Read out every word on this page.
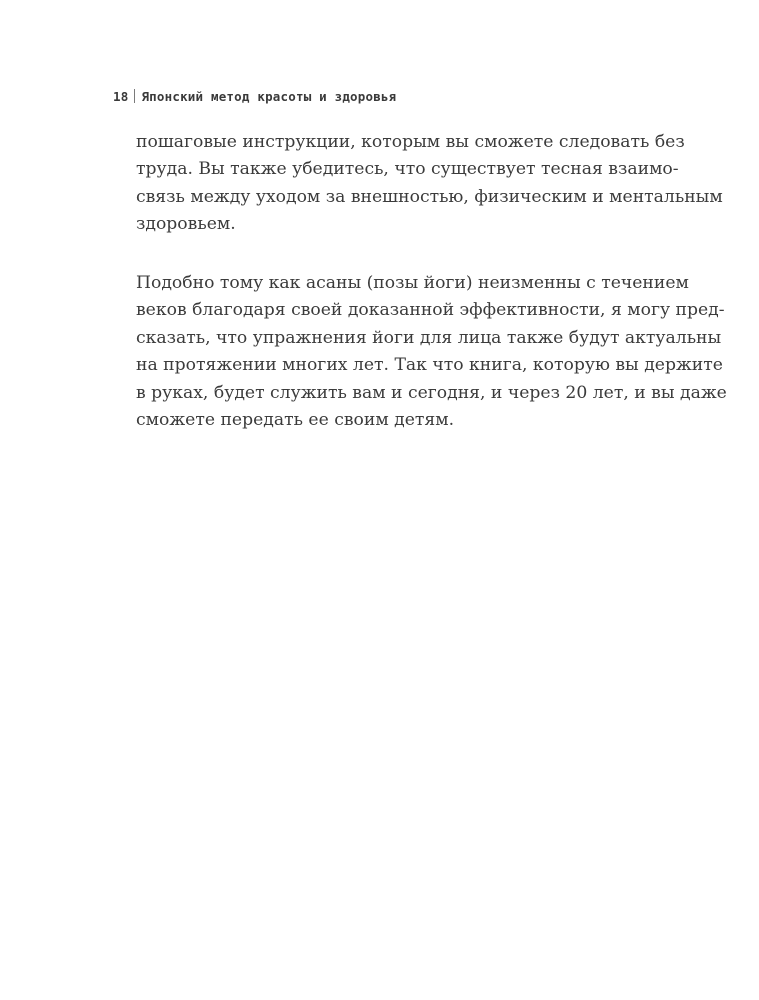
18 Японский метод красоты и здоровья

пошаговые инструкции, которым вы сможете следовать без
труда. Вы также убедитесь, что существует тесная взаимо-
связь между уходом за внешностью, физическим и ментальным
здоровьем.

Подобно тому как асаны (позы йоги) неизменны с течением
веков благодаря своей доказанной эффективности, я могу пред-
сказать, что упражнения йоги для лица также будут актуальны
на протяжении многих лет. Так что книга, которую вы держите
в руках, будет служить вам и сегодня, и через 20 лет, и вы даже
сможете передать ее своим детям.
